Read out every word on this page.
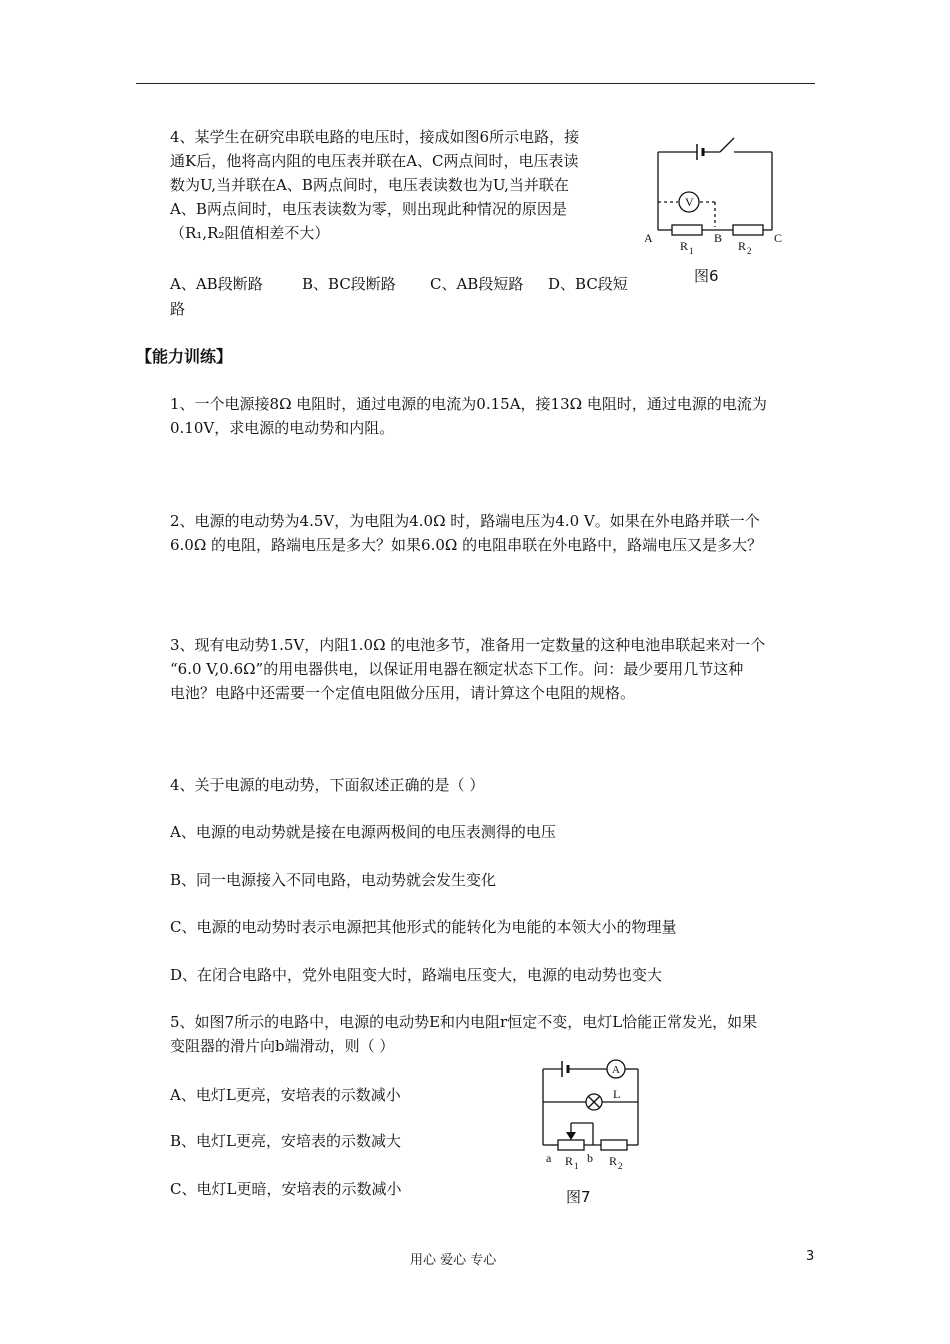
4、某学生在研究串联电路的电压时，接成如图6所示电路，接
通K后，他将高内阻的电压表并联在A、C两点间时，电压表读
数为U,当并联在A、B两点间时，电压表读数也为U,当并联在
A、B两点间时，电压表读数为零，则出现此种情况的原因是
（R₁,R₂阻值相差不大）
A、AB段断路	B、BC段断路 C、AB段短路 D、BC段短
路
V
A	B	C
R 1	R 2
图6
【能力训练】
1、一个电源接8Ω 电阻时，通过电源的电流为0.15A，接13Ω 电阻时，通过电源的电流为
0.10V，求电源的电动势和内阻。
2、电源的电动势为4.5V，为电阻为4.0Ω 时，路端电压为4.0 V。如果在外电路并联一个
6.0Ω 的电阻，路端电压是多大？如果6.0Ω 的电阻串联在外电路中，路端电压又是多大？
3、现有电动势1.5V，内阻1.0Ω 的电池多节，准备用一定数量的这种电池串联起来对一个
“6.0 V,0.6Ω”的用电器供电，以保证用电器在额定状态下工作。问：最少要用几节这种
电池？电路中还需要一个定值电阻做分压用，请计算这个电阻的规格。
4、关于电源的电动势，下面叙述正确的是（ ）
A、电源的电动势就是接在电源两极间的电压表测得的电压
B、同一电源接入不同电路，电动势就会发生变化
C、电源的电动势时表示电源把其他形式的能转化为电能的本领大小的物理量
D、在闭合电路中，党外电阻变大时，路端电压变大，电源的电动势也变大
5、如图7所示的电路中，电源的电动势E和内电阻r恒定不变，电灯L恰能正常发光，如果
变阻器的滑片向b端滑动，则（ ）
A、电灯L更亮，安培表的示数减小
B、电灯L更亮，安培表的示数减大
C、电灯L更暗，安培表的示数减小
A
L
a	b
R 1	R 2
图7
用心 爱心 专心	3
